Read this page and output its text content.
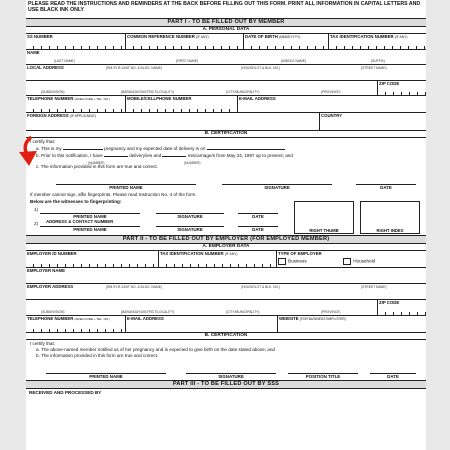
PLEASE READ THE INSTRUCTIONS AND REMINDERS AT THE BACK BEFORE FILLING OUT THIS FORM. PRINT ALL INFORMATION IN CAPITAL LETTERS AND USE BLACK INK ONLY
PART I - TO BE FILLED OUT BY MEMBER
A. PERSONAL DATA
SS NUMBER	COMMON REFERENCE NUMBER (IF ANY)	DATE OF BIRTH (MMDDYYYY)	TAX IDENTIFICATION NUMBER (IF ANY)
NAME
(LAST NAME)	(FIRST NAME)	(MIDDLE NAME)	(SUFFIX)
LOCAL ADDRESS	(RM./FLR./UNIT NO. & BLDG. NAME)	(HOUSE/LOT & BLK. NO.)	(STREET NAME)
(SUBDIVISION)	(BARANGAY/DISTRICT/LOCALITY)	(CITY/MUNICIPALITY)	(PROVINCE)
ZIP CODE
TELEPHONE NUMBER (AREA CODE + TEL. NO.)	MOBILE/CELLPHONE NUMBER	E-MAIL ADDRESS
FOREIGN ADDRESS (IF APPLICABLE)	COUNTRY
B. CERTIFICATION
I certify that:
a. This is my	pregnancy and my expected date of delivery is on
b. Prior to this notification, I have	delivery/ies and	miscarriage/s from May 24, 1997 up to present; and
(NUMBER)	(NUMBER)
c. The information provided in this form are true and correct.
PRINTED NAME	SIGNATURE	DATE
If member cannot sign, affix fingerprints. Please read Instruction No. 4 of the form.
Below are the witnesses to fingerprinting:
1)
PRINTED NAME	SIGNATURE	DATE
ADDRESS & CONTACT NUMBER
2)
PRINTED NAME	SIGNATURE	DATE	RIGHT THUMB	RIGHT INDEX
PART II - TO BE FILLED OUT BY EMPLOYER (FOR EMPLOYED MEMBER)
A. EMPLOYER DATA
EMPLOYER ID NUMBER	TAX IDENTIFICATION NUMBER (IF ANY)	TYPE OF EMPLOYER
Business	Household
EMPLOYER NAME
EMPLOYER ADDRESS	(RM./FLR./UNIT NO. & BLDG. NAME)	(HOUSE/LOT & BLK. NO.)	(STREET NAME)
(SUBDIVISION)	(BARANGAY/DISTRICT/LOCALITY)	(CITY/MUNICIPALITY)	(PROVINCE)
ZIP CODE
TELEPHONE NUMBER (AREA CODE + TEL. NO.)	E-MAIL ADDRESS	WEBSITE (FOR BUSINESS EMPLOYER)
B. CERTIFICATION
I certify that:
a. The above-named member notified us of her pregnancy and is expected to give birth on the date stated above; and
b. The information provided in this form are true and correct.
PRINTED NAME	SIGNATURE	POSITION TITLE	DATE
PART III - TO BE FILLED OUT BY SSS
RECEIVED AND PROCESSED BY
